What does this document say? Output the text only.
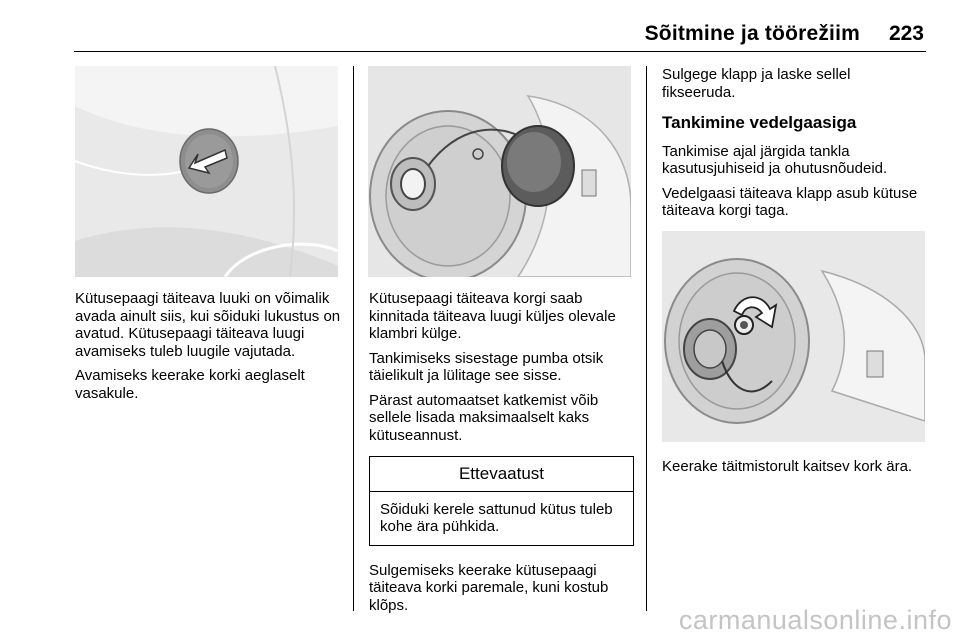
Sõitmine ja töörežiim 223

Kütusepaagi täiteava luuki on võimalik avada ainult siis, kui sõiduki lukustus on avatud. Kütusepaagi täiteava luugi avamiseks tuleb luugile vajutada.

Avamiseks keerake korki aeglaselt vasakule.

Kütusepaagi täiteava korgi saab kinnitada täiteava luugi küljes olevale klambri külge.

Tankimiseks sisestage pumba otsik täielikult ja lülitage see sisse.

Pärast automaatset katkemist võib sellele lisada maksimaalselt kaks kütuseannust.

Ettevaatust
Sõiduki kerele sattunud kütus tuleb kohe ära pühkida.

Sulgemiseks keerake kütusepaagi täiteava korki paremale, kuni kostub klõps.

Sulgege klapp ja laske sellel fikseeruda.

Tankimine vedelgaasiga

Tankimise ajal järgida tankla kasutusjuhiseid ja ohutusnõudeid.

Vedelgaasi täiteava klapp asub kütuse täiteava korgi taga.

Keerake täitmistorult kaitsev kork ära.

carmanualsonline.info
